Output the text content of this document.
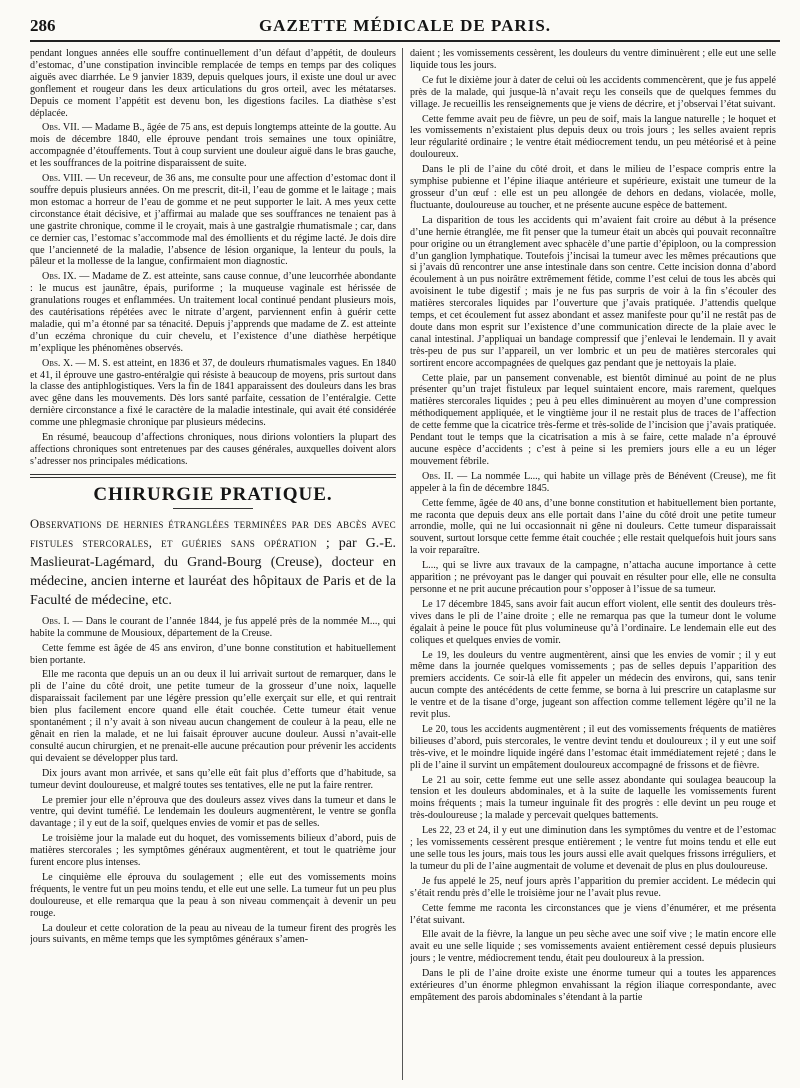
286	GAZETTE MÉDICALE DE PARIS.

pendant longues années elle souffre continuellement d’un défaut d’appétit, de douleurs d’estomac, d’une constipation invincible remplacée de temps en temps par des coliques aiguës avec diarrhée. Le 9 janvier 1839, depuis quelques jours, il existe une doul ur avec gonflement et rougeur dans les deux articulations du gros orteil, avec les métatarses. Depuis ce moment l’appétit est devenu bon, les digestions faciles. La diathèse s’est déplacée.

Obs. VII. — Madame B., âgée de 75 ans, est depuis longtemps atteinte de la goutte. Au mois de décembre 1840, elle éprouve pendant trois semaines une toux opiniâtre, accompagnée d’étouffements. Tout à coup survient une douleur aiguë dans le bras gauche, et les souffrances de la poitrine disparaissent de suite.

Obs. VIII. — Un receveur, de 36 ans, me consulte pour une affection d’estomac dont il souffre depuis plusieurs années. On me prescrit, dit-il, l’eau de gomme et le laitage ; mais mon estomac a horreur de l’eau de gomme et ne peut supporter le lait. A mes yeux cette circonstance était décisive, et j’affirmai au malade que ses souffrances ne tenaient pas à une gastrite chronique, comme il le croyait, mais à une gastralgie rhumatismale ; car, dans ce dernier cas, l’estomac s’accommode mal des émollients et du régime lacté. Je dois dire que l’ancienneté de la maladie, l’absence de lésion organique, la lenteur du pouls, la pâleur et la mollesse de la langue, confirmaient mon diagnostic.

Obs. IX. — Madame de Z. est atteinte, sans cause connue, d’une leucorrhée abondante : le mucus est jaunâtre, épais, puriforme ; la muqueuse vaginale est hérissée de granulations rouges et enflammées. Un traitement local continué pendant plusieurs mois, des cautérisations répétées avec le nitrate d’argent, parviennent enfin à guérir cette maladie, qui m’a étonné par sa ténacité. Depuis j’apprends que madame de Z. est atteinte d’un eczéma chronique du cuir chevelu, et l’existence d’une diathèse herpétique m’explique les phénomènes observés.

Obs. X. — M. S. est atteint, en 1836 et 37, de douleurs rhumatismales vagues. En 1840 et 41, il éprouve une gastro-entéralgie qui résiste à beaucoup de moyens, pris surtout dans la classe des antiphlogistiques. Vers la fin de 1841 apparaissent des douleurs dans les bras avec gêne dans les mouvements. Dès lors santé parfaite, cessation de l’entéralgie. Cette dernière circonstance a fixé le caractère de la maladie intestinale, qui avait été considérée comme une phlegmasie chronique par plusieurs médecins.

En résumé, beaucoup d’affections chroniques, nous dirions volontiers la plupart des affections chroniques sont entretenues par des causes générales, auxquelles doivent alors s’adresser nos principales médications.

CHIRURGIE PRATIQUE.

Observations de hernies étranglées terminées par des abcès avec fistules stercorales, et guéries sans opération ; par G.-E. Maslieurat-Lagémard, du Grand-Bourg (Creuse), docteur en médecine, ancien interne et lauréat des hôpitaux de Paris et de la Faculté de médecine, etc.

Obs. I. — Dans le courant de l’année 1844, je fus appelé près de la nommée M..., qui habite la commune de Mousioux, département de la Creuse.

Cette femme est âgée de 45 ans environ, d’une bonne constitution et habituellement bien portante.

Elle me raconta que depuis un an ou deux il lui arrivait surtout de remarquer, dans le pli de l’aine du côté droit, une petite tumeur de la grosseur d’une noix, laquelle disparaissait facilement par une légère pression qu’elle exerçait sur elle, et qui rentrait bien plus facilement encore quand elle était couchée. Cette tumeur était venue spontanément ; il n’y avait à son niveau aucun changement de couleur à la peau, elle ne gênait en rien la malade, et ne lui faisait éprouver aucune douleur. Aussi n’avait-elle consulté aucun chirurgien, et ne prenait-elle aucune précaution pour prévenir les accidents qui devaient se développer plus tard.

Dix jours avant mon arrivée, et sans qu’elle eût fait plus d’efforts que d’habitude, sa tumeur devint douloureuse, et malgré toutes ses tentatives, elle ne put la faire rentrer.

Le premier jour elle n’éprouva que des douleurs assez vives dans la tumeur et dans le ventre, qui devint tuméfié. Le lendemain les douleurs augmentèrent, le ventre se gonfla davantage ; il y eut de la soif, quelques envies de vomir et pas de selles.

Le troisième jour la malade eut du hoquet, des vomissements bilieux d’abord, puis de matières stercorales ; les symptômes généraux augmentèrent, et tout le quatrième jour furent encore plus intenses.

Le cinquième elle éprouva du soulagement ; elle eut des vomissements moins fréquents, le ventre fut un peu moins tendu, et elle eut une selle. La tumeur fut un peu plus douloureuse, et elle remarqua que la peau à son niveau commençait à devenir un peu rouge.

La douleur et cette coloration de la peau au niveau de la tumeur firent des progrès les jours suivants, en même temps que les symptômes généraux s’amen-

daient ; les vomissements cessèrent, les douleurs du ventre diminuèrent ; elle eut une selle liquide tous les jours.

Ce fut le dixième jour à dater de celui où les accidents commencèrent, que je fus appelé près de la malade, qui jusque-là n’avait reçu les conseils que de quelques femmes du village. Je recueillis les renseignements que je viens de décrire, et j’observai l’état suivant.

Cette femme avait peu de fièvre, un peu de soif, mais la langue naturelle ; le hoquet et les vomissements n’existaient plus depuis deux ou trois jours ; les selles avaient repris leur régularité ordinaire ; le ventre était médiocrement tendu, un peu météorisé et à peine douloureux.

Dans le pli de l’aine du côté droit, et dans le milieu de l’espace compris entre la symphise pubienne et l’épine iliaque antérieure et supérieure, existait une tumeur de la grosseur d’un œuf : elle est un peu allongée de dehors en dedans, violacée, molle, fluctuante, douloureuse au toucher, et ne présente aucune espèce de battement.

La disparition de tous les accidents qui m’avaient fait croire au début à la présence d’une hernie étranglée, me fit penser que la tumeur était un abcès qui pouvait reconnaître pour origine ou un étranglement avec sphacèle d’une partie d’épiploon, ou la compression d’un ganglion lymphatique. Toutefois j’incisai la tumeur avec les mêmes précautions que si j’avais dû rencontrer une anse intestinale dans son centre. Cette incision donna d’abord écoulement à un pus noirâtre extrêmement fétide, comme l’est celui de tous les abcès qui avoisinent le tube digestif ; mais je ne fus pas surpris de voir à la fin s’écouler des matières stercorales liquides par l’ouverture que j’avais pratiquée. J’attendis quelque temps, et cet écoulement fut assez abondant et assez manifeste pour qu’il ne restât pas de doute dans mon esprit sur l’existence d’une communication directe de la plaie avec le canal intestinal. J’appliquai un bandage compressif que j’enlevai le lendemain. Il y avait très-peu de pus sur l’appareil, un ver lombric et un peu de matières stercorales qui sortirent encore accompagnées de quelques gaz pendant que je nettoyais la plaie.

Cette plaie, par un pansement convenable, est bientôt diminué au point de ne plus présenter qu’un trajet fistuleux par lequel suintaient encore, mais rarement, quelques matières stercorales liquides ; peu à peu elles diminuèrent au moyen d’une compression méthodiquement appliquée, et le vingtième jour il ne restait plus de traces de l’affection de cette femme que la cicatrice très-ferme et très-solide de l’incision que j’avais pratiquée. Pendant tout le temps que la cicatrisation a mis à se faire, cette malade n’a éprouvé aucune espèce d’accidents ; c’est à peine si les premiers jours elle a eu un léger mouvement fébrile.

Obs. II. — La nommée L..., qui habite un village près de Bénévent (Creuse), me fit appeler à la fin de décembre 1845.

Cette femme, âgée de 40 ans, d’une bonne constitution et habituellement bien portante, me raconta que depuis deux ans elle portait dans l’aine du côté droit une petite tumeur arrondie, molle, qui ne lui occasionnait ni gêne ni douleurs. Cette tumeur disparaissait souvent, surtout lorsque cette femme était couchée ; elle restait quelquefois huit jours sans la voir reparaître.

L..., qui se livre aux travaux de la campagne, n’attacha aucune importance à cette apparition ; ne prévoyant pas le danger qui pouvait en résulter pour elle, elle ne consulta personne et ne prit aucune précaution pour s’opposer à l’issue de sa tumeur.

Le 17 décembre 1845, sans avoir fait aucun effort violent, elle sentit des douleurs très-vives dans le pli de l’aine droite ; elle ne remarqua pas que la tumeur dont le volume égalait à peine le pouce fût plus volumineuse qu’à l’ordinaire. Le lendemain elle eut des coliques et quelques envies de vomir.

Le 19, les douleurs du ventre augmentèrent, ainsi que les envies de vomir ; il y eut même dans la journée quelques vomissements ; pas de selles depuis l’apparition des premiers accidents. Ce soir-là elle fit appeler un médecin des environs, qui, sans tenir aucun compte des antécédents de cette femme, se borna à lui prescrire un cataplasme sur le ventre et de la tisane d’orge, jugeant son affection comme tellement légère qu’il ne la revit plus.

Le 20, tous les accidents augmentèrent ; il eut des vomissements fréquents de matières bilieuses d’abord, puis stercorales, le ventre devint tendu et douloureux ; il y eut une soif très-vive, et le moindre liquide ingéré dans l’estomac était immédiatement rejeté ; dans le pli de l’aine il survint un empâtement douloureux accompagné de frissons et de fièvre.

Le 21 au soir, cette femme eut une selle assez abondante qui soulagea beaucoup la tension et les douleurs abdominales, et à la suite de laquelle les vomissements furent moins fréquents ; mais la tumeur inguinale fit des progrès : elle devint un peu rouge et très-douloureuse ; la malade y percevait quelques battements.

Les 22, 23 et 24, il y eut une diminution dans les symptômes du ventre et de l’estomac ; les vomissements cessèrent presque entièrement ; le ventre fut moins tendu et elle eut une selle tous les jours, mais tous les jours aussi elle avait quelques frissons irréguliers, et la tumeur du pli de l’aine augmentait de volume et devenait de plus en plus douloureuse.

Je fus appelé le 25, neuf jours après l’apparition du premier accident. Le médecin qui s’était rendu près d’elle le troisième jour ne l’avait plus revue.

Cette femme me raconta les circonstances que je viens d’énumérer, et me présenta l’état suivant.

Elle avait de la fièvre, la langue un peu sèche avec une soif vive ; le matin encore elle avait eu une selle liquide ; ses vomissements avaient entièrement cessé depuis plusieurs jours ; le ventre, médiocrement tendu, était peu douloureux à la pression.

Dans le pli de l’aine droite existe une énorme tumeur qui a toutes les apparences extérieures d’un énorme phlegmon envahissant la région iliaque correspondante, avec empâtement des parois abdominales s’étendant à la partie
